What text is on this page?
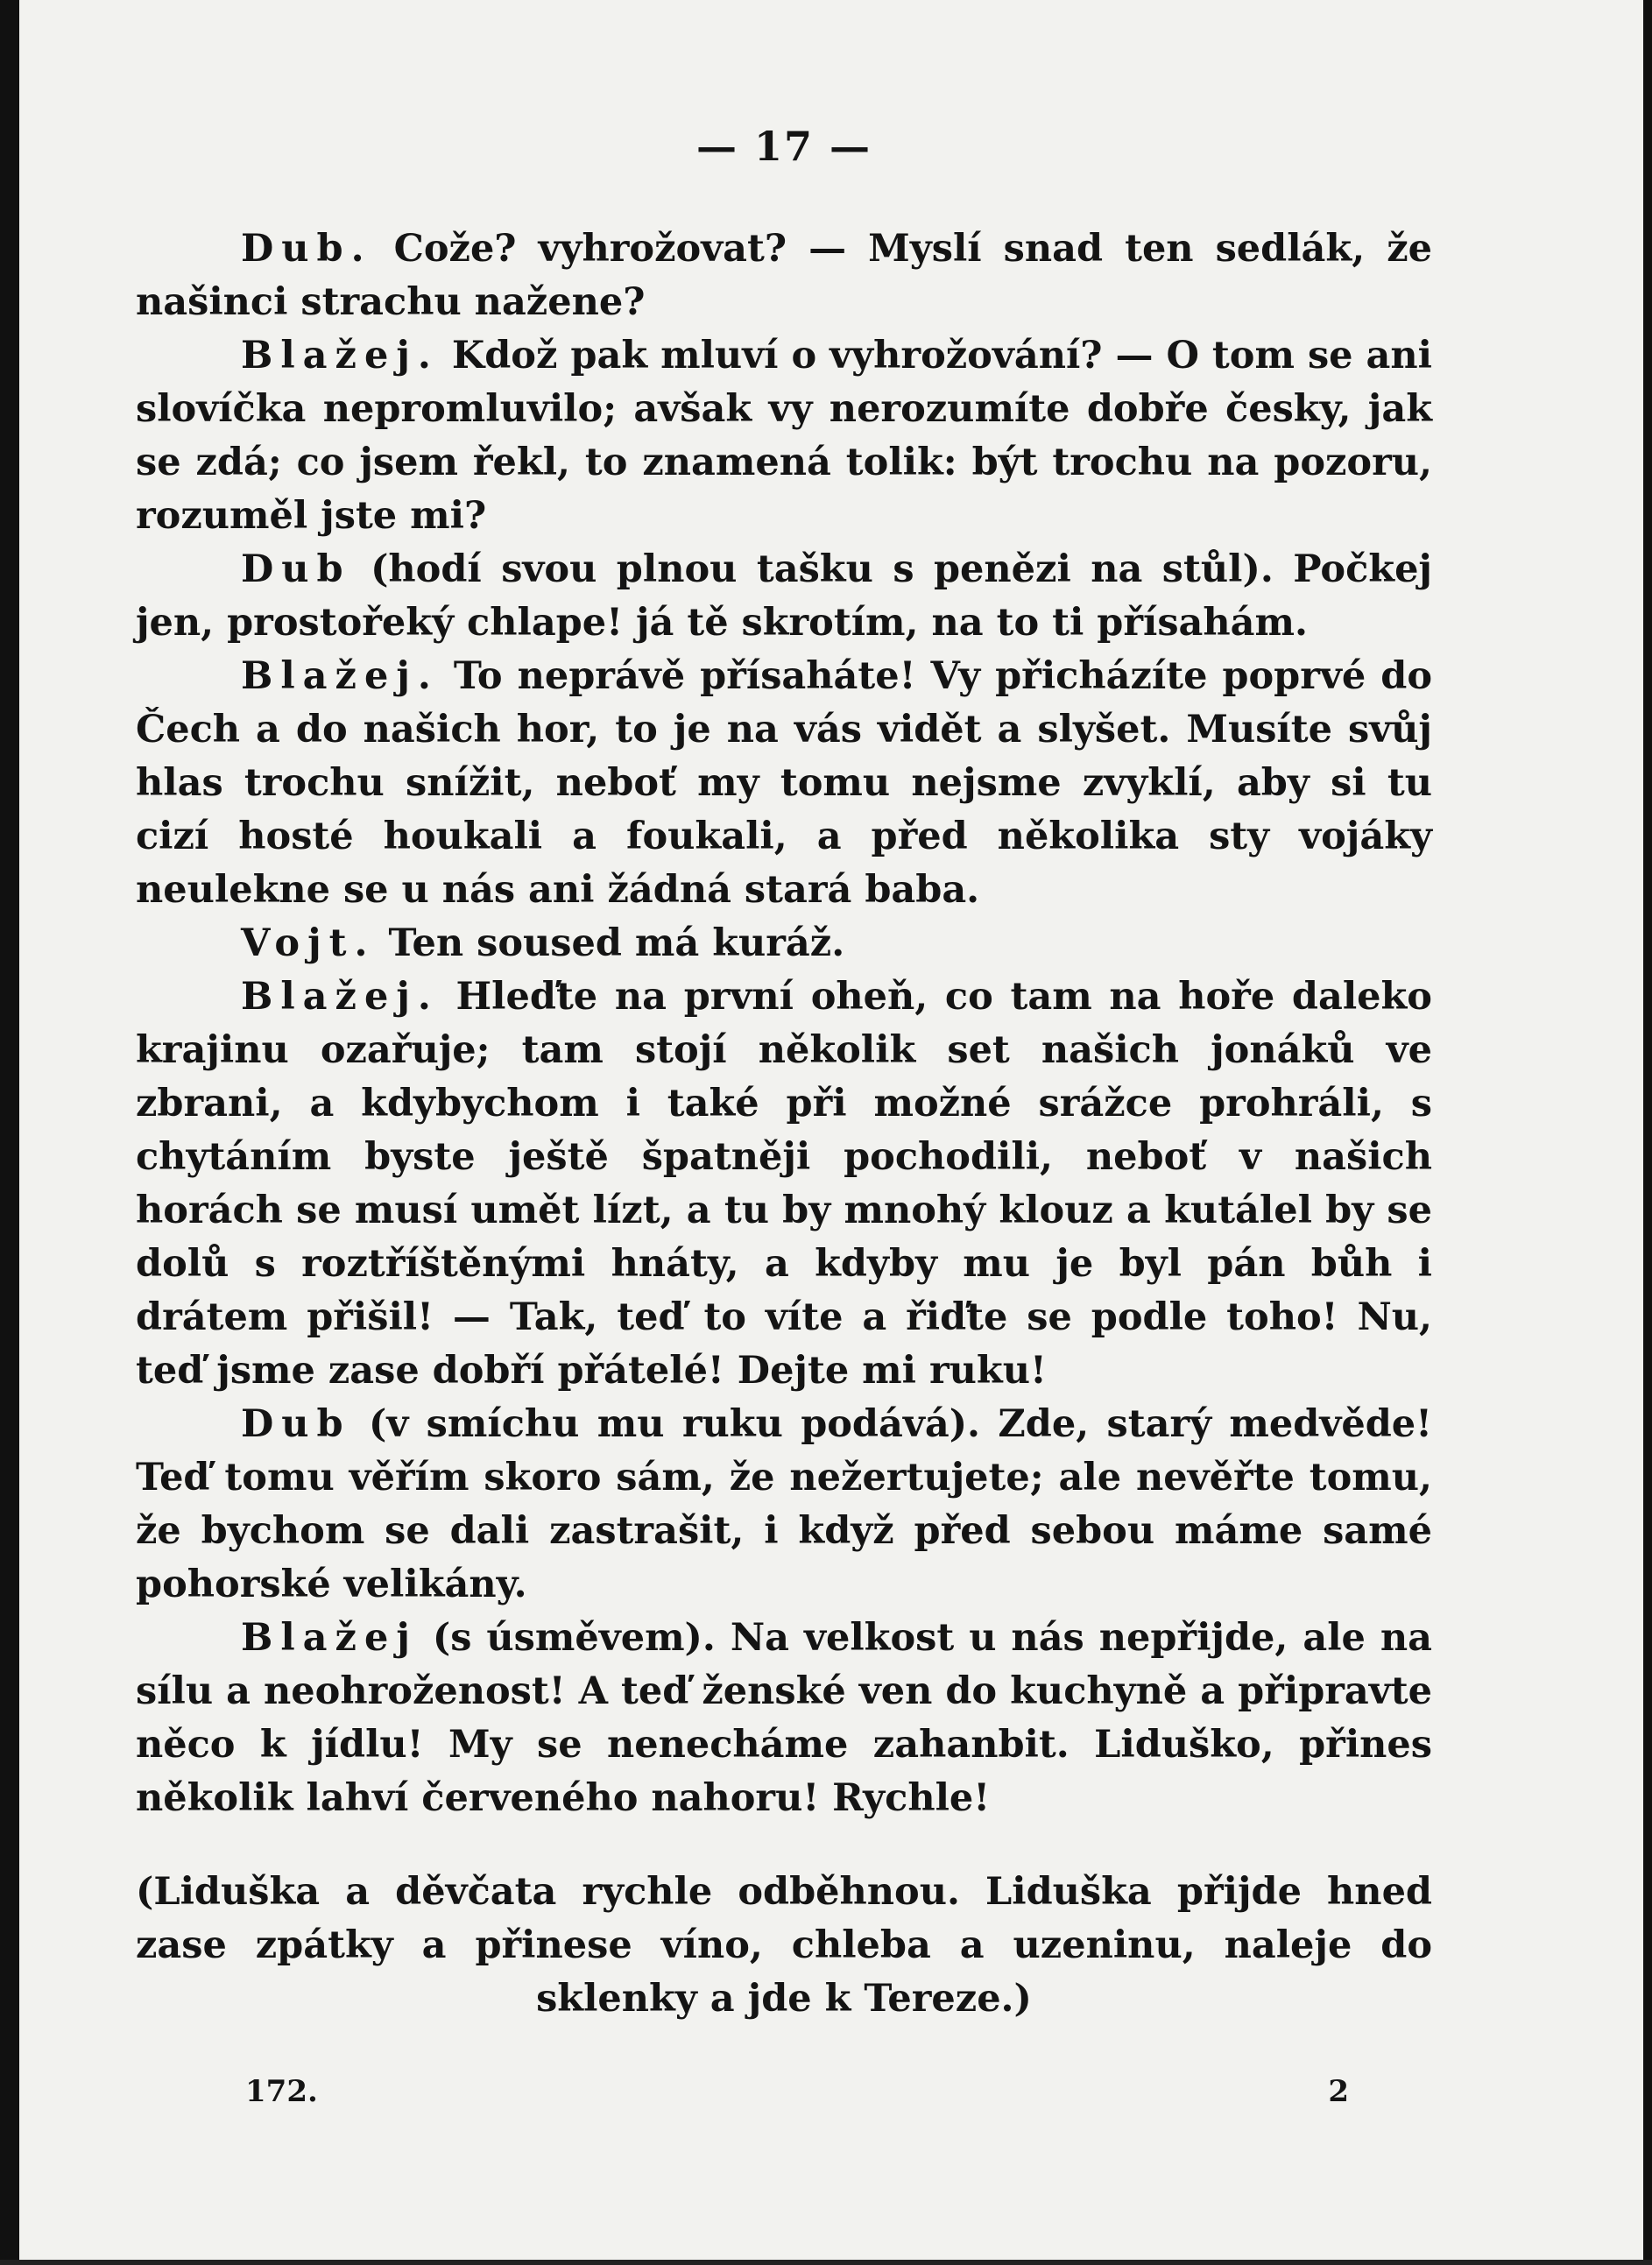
— 17 —

Dub. Cože? vyhrožovat? — Myslí snad ten sedlák, že našinci strachu nažene?

Blažej. Kdož pak mluví o vyhrožování? — O tom se ani slovíčka nepromluvilo; avšak vy nerozumíte dobře česky, jak se zdá; co jsem řekl, to znamená tolik: být trochu na pozoru, rozuměl jste mi?

Dub (hodí svou plnou tašku s penězi na stůl). Počkej jen, prostořeký chlape! já tě skrotím, na to ti přísahám.

Blažej. To neprávě přísaháte! Vy přicházíte poprvé do Čech a do našich hor, to je na vás vidět a slyšet. Musíte svůj hlas trochu snížit, neboť my tomu nejsme zvyklí, aby si tu cizí hosté houkali a foukali, a před několika sty vojáky neulekne se u nás ani žádná stará baba.

Vojt. Ten soused má kuráž.

Blažej. Hleďte na první oheň, co tam na hoře daleko krajinu ozařuje; tam stojí několik set našich jonáků ve zbrani, a kdybychom i také při možné srážce prohráli, s chytáním byste ještě špatněji pochodili, neboť v našich horách se musí umět lízt, a tu by mnohý klouz a kutálel by se dolů s roztříštěnými hnáty, a kdyby mu je byl pán bůh i drátem přišil! — Tak, teď to víte a řiďte se podle toho! Nu, teď jsme zase dobří přátelé! Dejte mi ruku!

Dub (v smíchu mu ruku podává). Zde, starý medvěde! Teď tomu věřím skoro sám, že nežertujete; ale nevěřte tomu, že bychom se dali zastrašit, i když před sebou máme samé pohorské velikány.

Blažej (s úsměvem). Na velkost u nás nepřijde, ale na sílu a neohroženost! A teď ženské ven do kuchyně a připravte něco k jídlu! My se nenecháme zahanbit. Liduško, přines několik lahví červeného nahoru! Rychle!

(Liduška a děvčata rychle odběhnou. Liduška přijde hned zase zpátky a přinese víno, chleba a uzeninu, naleje do sklenky a jde k Tereze.)
172.	2
